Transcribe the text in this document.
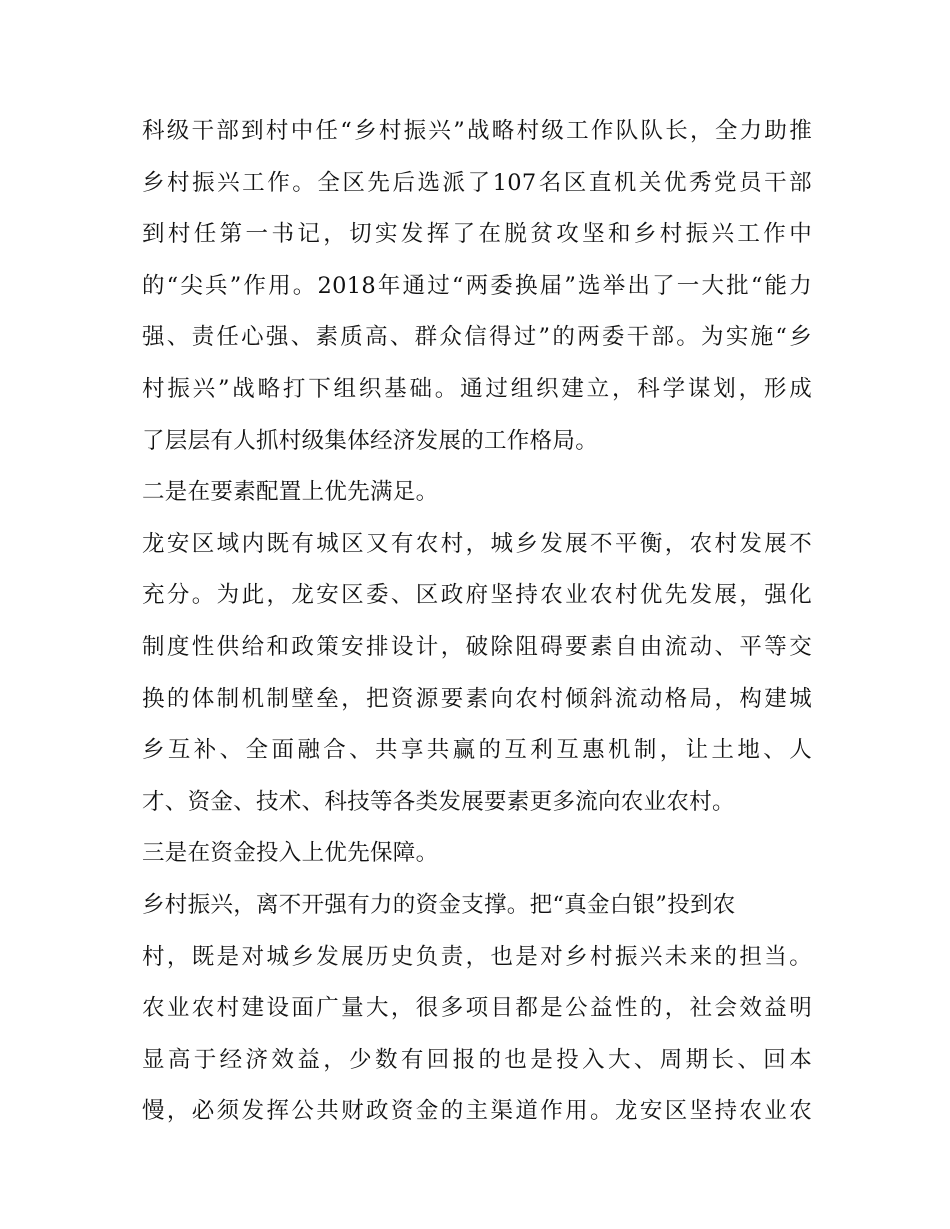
科级干部到村中任“乡村振兴”战略村级工作队队长，全力助推
乡村振兴工作。全区先后选派了107名区直机关优秀党员干部
到村任第一书记，切实发挥了在脱贫攻坚和乡村振兴工作中
的“尖兵”作用。2018年通过“两委换届”选举出了一大批“能力
强、责任心强、素质高、群众信得过”的两委干部。为实施“乡
村振兴”战略打下组织基础。通过组织建立，科学谋划，形成
了层层有人抓村级集体经济发展的工作格局。
二是在要素配置上优先满足。
龙安区域内既有城区又有农村，城乡发展不平衡，农村发展不
充分。为此，龙安区委、区政府坚持农业农村优先发展，强化
制度性供给和政策安排设计，破除阻碍要素自由流动、平等交
换的体制机制壁垒，把资源要素向农村倾斜流动格局，构建城
乡互补、全面融合、共享共赢的互利互惠机制，让土地、人
才、资金、技术、科技等各类发展要素更多流向农业农村。
三是在资金投入上优先保障。
乡村振兴，离不开强有力的资金支撑。把“真金白银”投到农
村，既是对城乡发展历史负责，也是对乡村振兴未来的担当。
农业农村建设面广量大，很多项目都是公益性的，社会效益明
显高于经济效益，少数有回报的也是投入大、周期长、回本
慢，必须发挥公共财政资金的主渠道作用。龙安区坚持农业农
